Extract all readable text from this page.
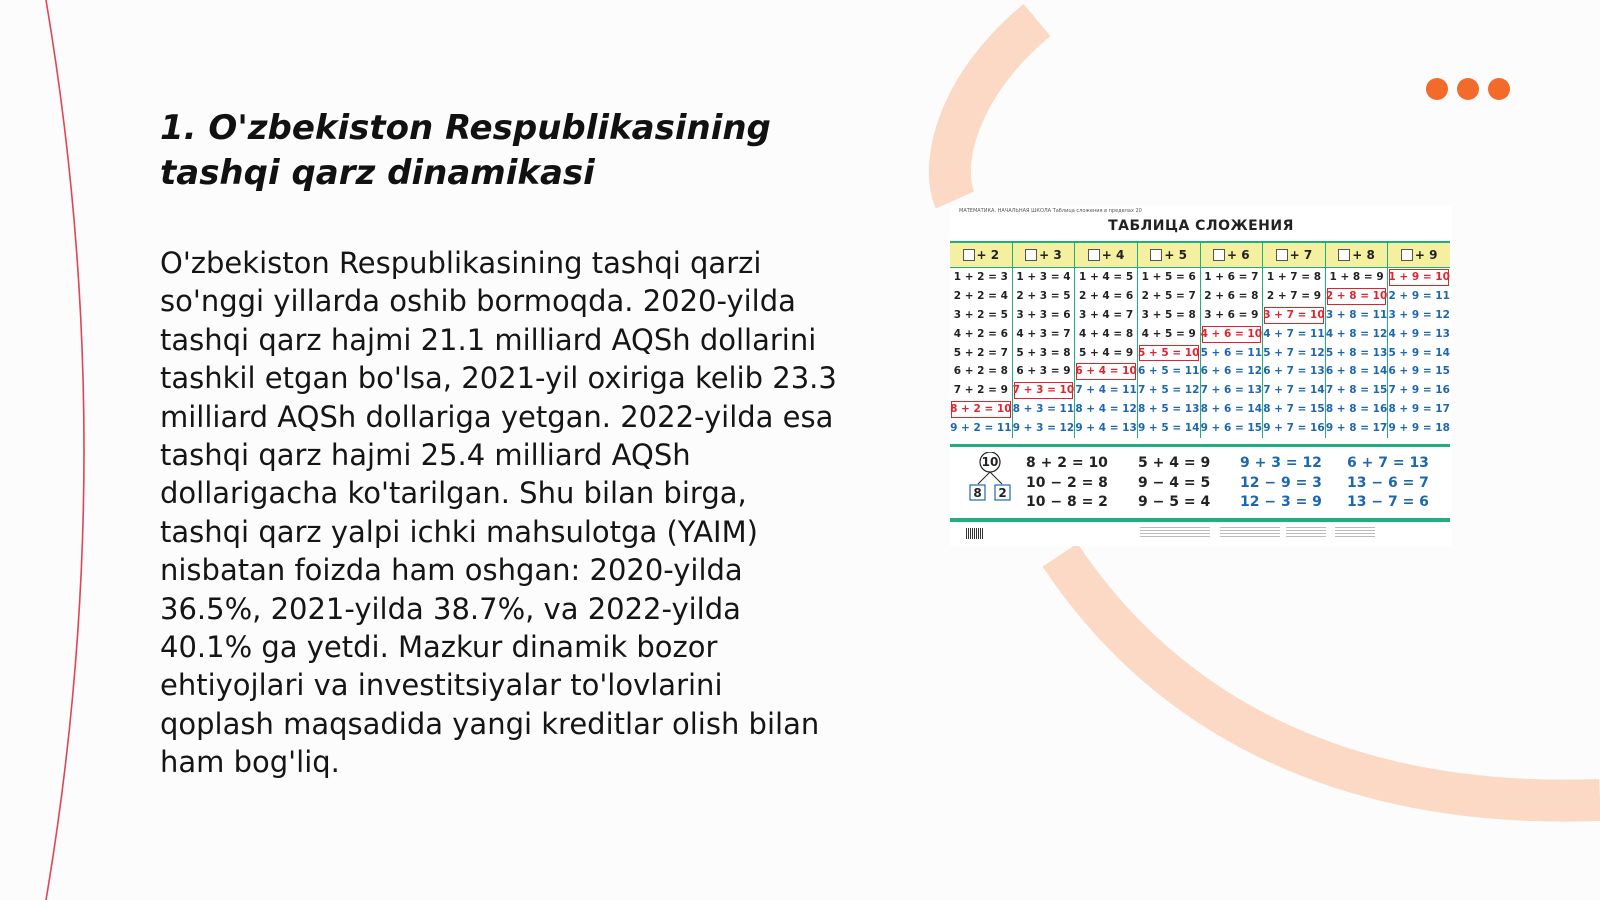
1. O'zbekiston Respublikasining tashqi qarz dinamikasi

O'zbekiston Respublikasining tashqi qarzi so'nggi yillarda oshib bormoqda. 2020-yilda tashqi qarz hajmi 21.1 milliard AQSh dollarini tashkil etgan bo'lsa, 2021-yil oxiriga kelib 23.3 milliard AQSh dollariga yetgan. 2022-yilda esa tashqi qarz hajmi 25.4 milliard AQSh dollarigacha ko'tarilgan. Shu bilan birga, tashqi qarz yalpi ichki mahsulotga (YAIM) nisbatan foizda ham oshgan: 2020-yilda 36.5%, 2021-yilda 38.7%, va 2022-yilda 40.1% ga yetdi. Mazkur dinamik bozor ehtiyojlari va investitsiyalar to'lovlarini qoplash maqsadida yangi kreditlar olish bilan ham bog'liq.

МАТЕМАТИКА. НАЧАЛЬНАЯ ШКОЛА Таблица сложения в пределах 20
ТАБЛИЦА СЛОЖЕНИЯ
+ 2
1 + 2 = 3
2 + 2 = 4
3 + 2 = 5
4 + 2 = 6
5 + 2 = 7
6 + 2 = 8
7 + 2 = 9
8 + 2 = 10
9 + 2 = 11
+ 3
1 + 3 = 4
2 + 3 = 5
3 + 3 = 6
4 + 3 = 7
5 + 3 = 8
6 + 3 = 9
7 + 3 = 10
8 + 3 = 11
9 + 3 = 12
+ 4
1 + 4 = 5
2 + 4 = 6
3 + 4 = 7
4 + 4 = 8
5 + 4 = 9
6 + 4 = 10
7 + 4 = 11
8 + 4 = 12
9 + 4 = 13
+ 5
1 + 5 = 6
2 + 5 = 7
3 + 5 = 8
4 + 5 = 9
5 + 5 = 10
6 + 5 = 11
7 + 5 = 12
8 + 5 = 13
9 + 5 = 14
+ 6
1 + 6 = 7
2 + 6 = 8
3 + 6 = 9
4 + 6 = 10
5 + 6 = 11
6 + 6 = 12
7 + 6 = 13
8 + 6 = 14
9 + 6 = 15
+ 7
1 + 7 = 8
2 + 7 = 9
3 + 7 = 10
4 + 7 = 11
5 + 7 = 12
6 + 7 = 13
7 + 7 = 14
8 + 7 = 15
9 + 7 = 16
+ 8
1 + 8 = 9
2 + 8 = 10
3 + 8 = 11
4 + 8 = 12
5 + 8 = 13
6 + 8 = 14
7 + 8 = 15
8 + 8 = 16
9 + 8 = 17
+ 9
1 + 9 = 10
2 + 9 = 11
3 + 9 = 12
4 + 9 = 13
5 + 9 = 14
6 + 9 = 15
7 + 9 = 16
8 + 9 = 17
9 + 9 = 18
10
8 2
8 + 2 = 10
10 − 2 = 8
10 − 8 = 2
5 + 4 = 9
9 − 4 = 5
9 − 5 = 4
9 + 3 = 12
12 − 9 = 3
12 − 3 = 9
6 + 7 = 13
13 − 6 = 7
13 − 7 = 6
